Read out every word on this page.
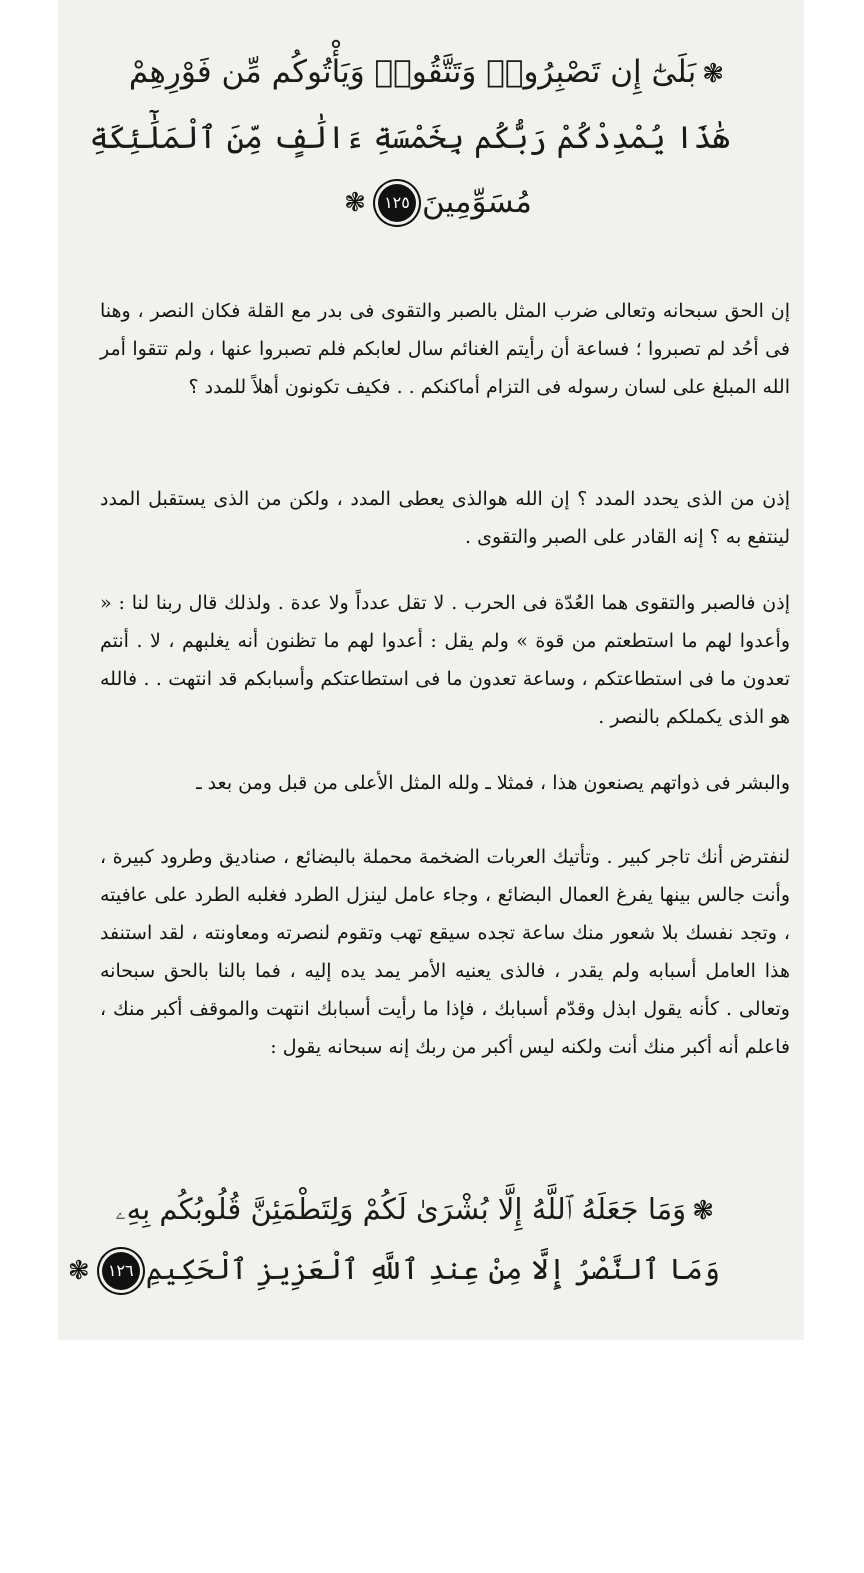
❃بَلَىٰٓ إِن تَصْبِرُوا۟ وَتَتَّقُوا۟ وَيَأْتُوكُم مِّن فَوْرِهِمْ
هَٰذَا يُمْدِدْكُمْ رَبُّكُم بِخَمْسَةِ ءَالَٰفٍ مِّنَ ٱلْمَلَٰٓئِكَةِ
مُسَوِّمِينَ١٢٥❃

إن الحق سبحانه وتعالى ضرب المثل بالصبر والتقوى فى بدر مع القلة فكان النصر ، وهنا فى أحُد لم تصبروا ؛ فساعة أن رأيتم الغنائم سال لعابكم فلم تصبروا عنها ، ولم تتقوا أمر الله المبلغ على لسان رسوله فى التزام أماكنكم . . فكيف تكونون أهلاً للمدد ؟

إذن من الذى يحدد المدد ؟ إن الله هوالذى يعطى المدد ، ولكن من الذى يستقبل المدد لينتفع به ؟ إنه القادر على الصبر والتقوى .

إذن فالصبر والتقوى هما العُدّة فى الحرب . لا تقل عدداً ولا عدة . ولذلك قال ربنا لنا : « وأعدوا لهم ما استطعتم من قوة » ولم يقل : أعدوا لهم ما تظنون أنه يغلبهم ، لا . أنتم تعدون ما فى استطاعتكم ، وساعة تعدون ما فى استطاعتكم وأسبابكم قد انتهت . . فالله هو الذى يكملكم بالنصر .

والبشر فى ذواتهم يصنعون هذا ، فمثلا ـ ولله المثل الأعلى من قبل ومن بعد ـ

لنفترض أنك تاجر كبير . وتأتيك العربات الضخمة محملة بالبضائع ، صناديق وطرود كبيرة ، وأنت جالس بينها يفرغ العمال البضائع ، وجاء عامل لينزل الطرد فغلبه الطرد على عافيته ، وتجد نفسك بلا شعور منك ساعة تجده سيقع تهب وتقوم لنصرته ومعاونته ، لقد استنفد هذا العامل أسبابه ولم يقدر ، فالذى يعنيه الأمر يمد يده إليه ، فما بالنا بالحق سبحانه وتعالى . كأنه يقول ابذل وقدّم أسبابك ، فإذا ما رأيت أسبابك انتهت والموقف أكبر منك ، فاعلم أنه أكبر منك أنت ولكنه ليس أكبر من ربك إنه سبحانه يقول :

❃وَمَا جَعَلَهُ ٱللَّهُ إِلَّا بُشْرَىٰ لَكُمْ وَلِتَطْمَئِنَّ قُلُوبُكُم بِهِۦ
وَمَا ٱلنَّصْرُ إِلَّا مِنْ عِندِ ٱللَّهِ ٱلْعَزِيزِ ٱلْحَكِيمِ١٢٦❃
